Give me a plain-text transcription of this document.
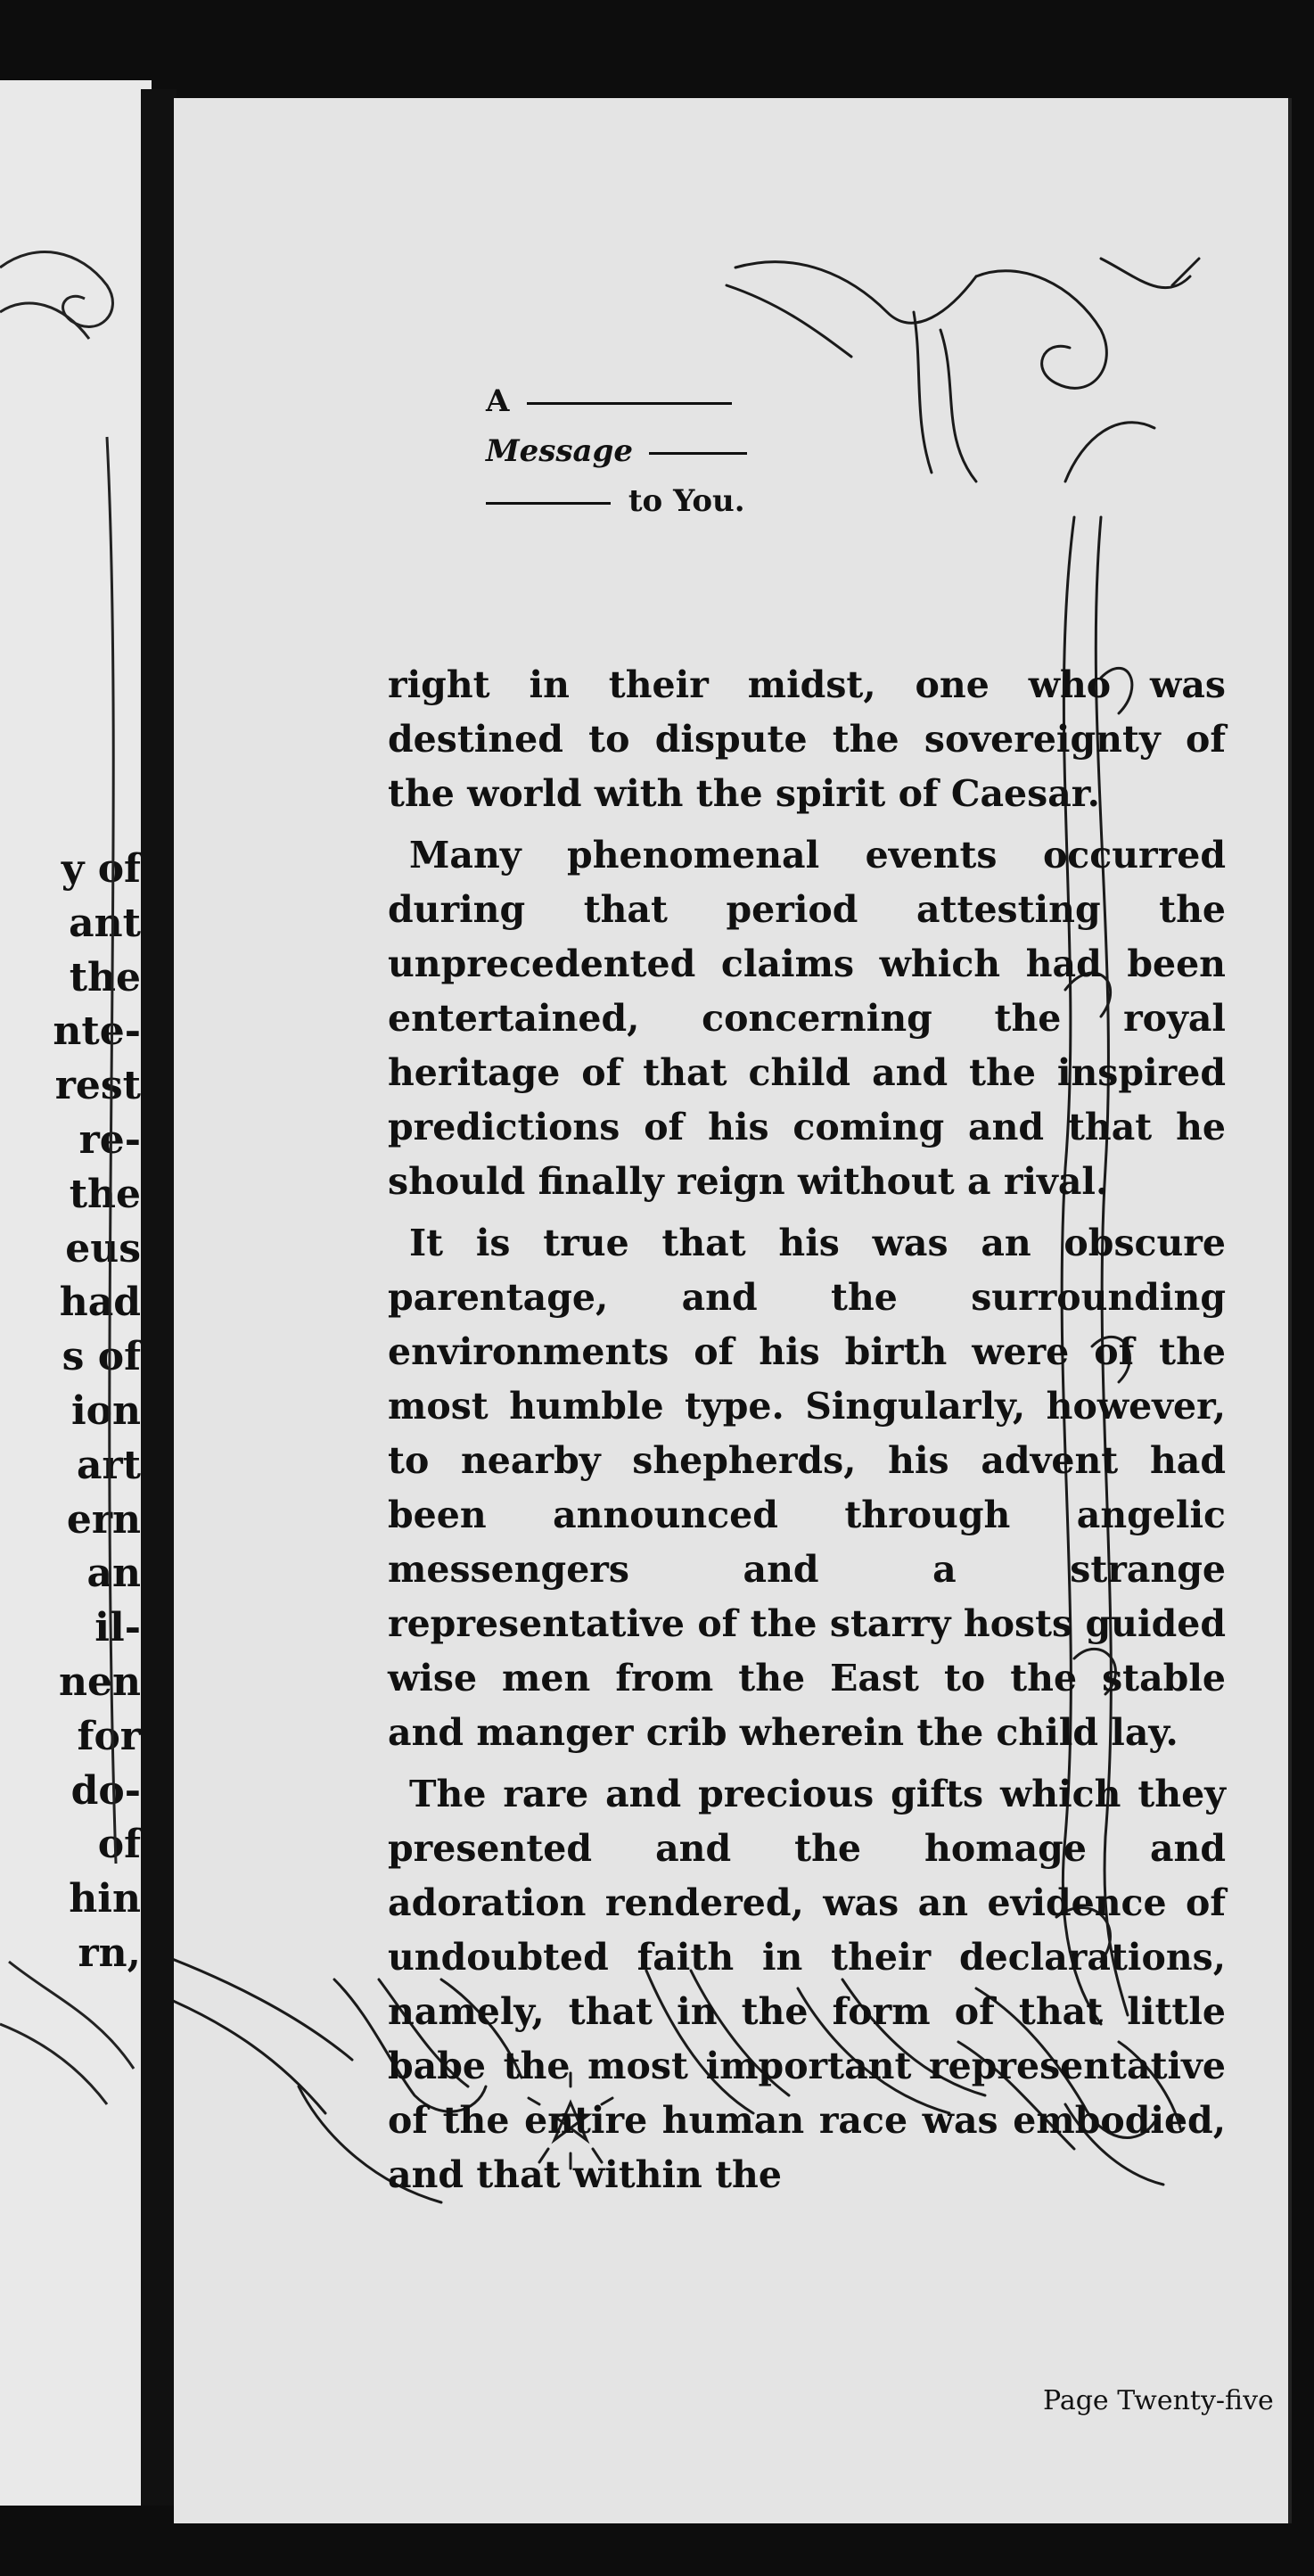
y of
ant
the
nte-
rest
re-
the
eus
had
s of
ion
art
ern
an
il-
nen
for
do-
of
hin
rn,
A
Message
to You.

right in their midst, one who was destined to dispute the sovereignty of the world with the spirit of Caesar.

Many phenomenal events occurred during that period attesting the unprecedented claims which had been entertained, concerning the royal heritage of that child and the inspired predictions of his coming and that he should finally reign without a rival.

It is true that his was an obscure parentage, and the surrounding environments of his birth were of the most humble type. Singularly, however, to nearby shepherds, his advent had been announced through angelic messengers and a strange representative of the starry hosts guided wise men from the East to the stable and manger crib wherein the child lay.

The rare and precious gifts which they presented and the homage and adoration rendered, was an evidence of undoubted faith in their declarations, namely, that in the form of that little babe the most important representative of the entire human race was embodied, and that within the

Page Twenty-five
